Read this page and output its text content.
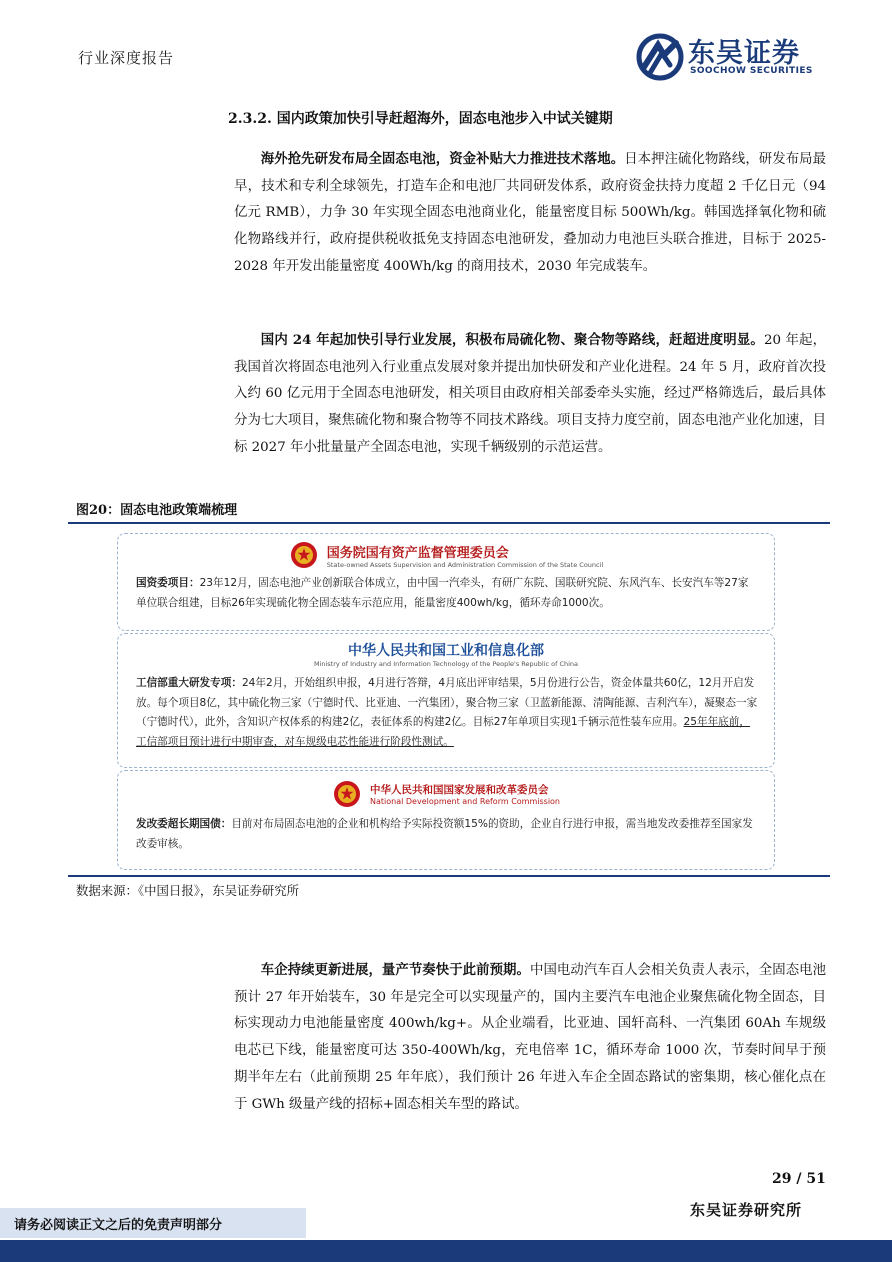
行业深度报告	东吴证券
SOOCHOW SECURITIES
2.3.2. 国内政策加快引导赶超海外，固态电池步入中试关键期

海外抢先研发布局全固态电池，资金补贴大力推进技术落地。日本押注硫化物路线，研发布局最早，技术和专利全球领先，打造车企和电池厂共同研发体系，政府资金扶持力度超 2 千亿日元（94 亿元 RMB），力争 30 年实现全固态电池商业化，能量密度目标 500Wh/kg。韩国选择氧化物和硫化物路线并行，政府提供税收抵免支持固态电池研发，叠加动力电池巨头联合推进，目标于 2025-2028 年开发出能量密度 400Wh/kg 的商用技术，2030 年完成装车。

国内 24 年起加快引导行业发展，积极布局硫化物、聚合物等路线，赶超进度明显。20 年起，我国首次将固态电池列入行业重点发展对象并提出加快研发和产业化进程。24 年 5 月，政府首次投入约 60 亿元用于全固态电池研发，相关项目由政府相关部委牵头实施，经过严格筛选后，最后具体分为七大项目，聚焦硫化物和聚合物等不同技术路线。项目支持力度空前，固态电池产业化加速，目标 2027 年小批量量产全固态电池，实现千辆级别的示范运营。

图20：固态电池政策端梳理
国务院国有资产监督管理委员会
State-owned Assets Supervision and Administration Commission of the State Council

国资委项目：23年12月，固态电池产业创新联合体成立，由中国一汽牵头，有研广东院、国联研究院、东风汽车、长安汽车等27家单位联合组建，目标26年实现硫化物全固态装车示范应用，能量密度400wh/kg，循环寿命1000次。

中华人民共和国工业和信息化部
Ministry of Industry and Information Technology of the People's Republic of China

工信部重大研发专项：24年2月，开始组织申报，4月进行答辩，4月底出评审结果，5月份进行公告，资金体量共60亿，12月开启发放。每个项目8亿，其中硫化物三家（宁德时代、比亚迪、一汽集团），聚合物三家（卫蓝新能源、清陶能源、吉利汽车），凝聚态一家（宁德时代），此外，含知识产权体系的构建2亿，表征体系的构建2亿。目标27年单项目实现1千辆示范性装车应用。25年年底前，工信部项目预计进行中期审查，对车规级电芯性能进行阶段性测试。

中华人民共和国国家发展和改革委员会
National Development and Reform Commission

发改委超长期国债：目前对布局固态电池的企业和机构给予实际投资额15%的资助，企业自行进行申报，需当地发改委推荐至国家发改委审核。

数据来源：《中国日报》，东吴证券研究所

车企持续更新进展，量产节奏快于此前预期。中国电动汽车百人会相关负责人表示，全固态电池预计 27 年开始装车，30 年是完全可以实现量产的，国内主要汽车电池企业聚焦硫化物全固态，目标实现动力电池能量密度 400wh/kg+。从企业端看，比亚迪、国轩高科、一汽集团 60Ah 车规级电芯已下线，能量密度可达 350-400Wh/kg，充电倍率 1C，循环寿命 1000 次，节奏时间早于预期半年左右（此前预期 25 年年底），我们预计 26 年进入车企全固态路试的密集期，核心催化点在于 GWh 级量产线的招标+固态相关车型的路试。

29 / 51
请务必阅读正文之后的免责声明部分
东吴证券研究所
